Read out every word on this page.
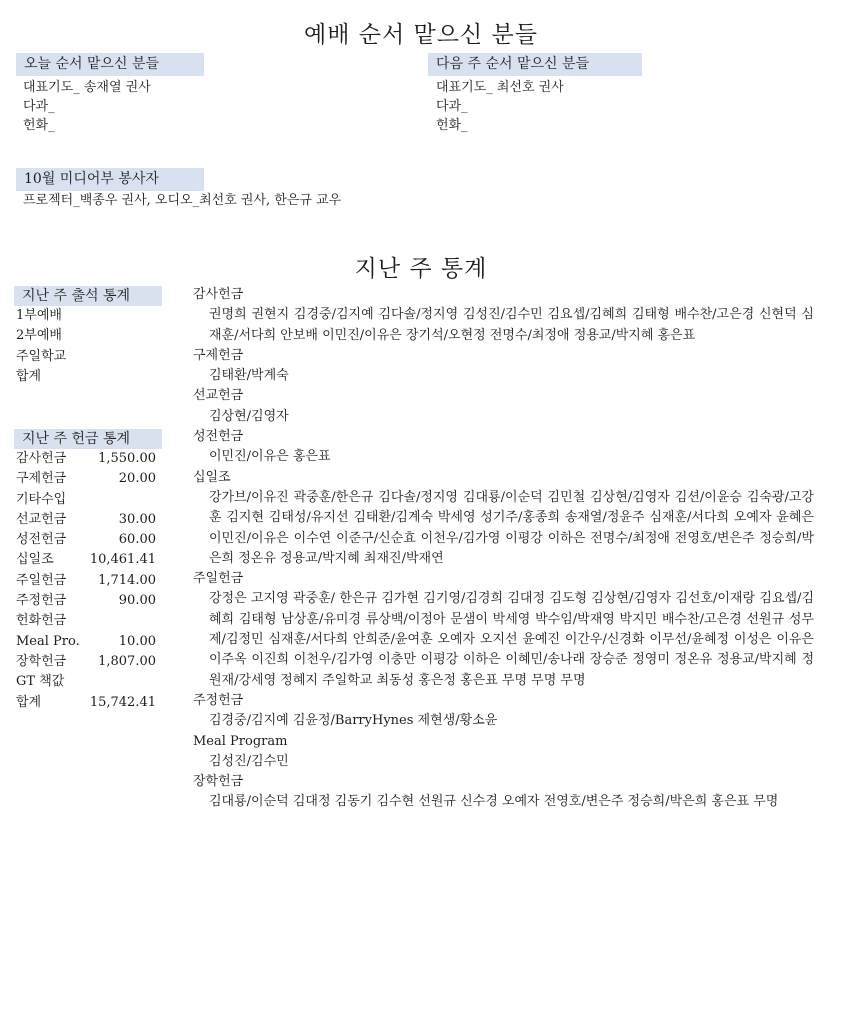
예배 순서 맡으신 분들
오늘 순서 맡으신 분들
대표기도_ 송재열 권사
다과_
헌화_
다음 주 순서 맡으신 분들
대표기도_ 최선호 권사
다과_
헌화_
10월 미디어부 봉사자
프로젝터_백종우 권사, 오디오_최선호 권사, 한은규 교우
지난 주 통계
지난 주 출석 통계
1부예배
2부예배
주일학교
합계
지난 주 헌금 통계
감사헌금 1,550.00
구제헌금	20.00
기타수입
선교헌금	30.00
성전헌금	60.00
십일조	10,461.41
주일헌금 1,714.00
주정헌금	90.00
헌화헌금
Meal Pro.	10.00
장학헌금 1,807.00
GT 책값
합계	15,742.41
감사헌금
권명희 권현지 김경중/김지예 김다솔/정지영 김성진/김수민 김요셉/김혜희 김태형 배수찬/고은경 신현덕 심재훈/서다희 안보배 이민진/이유은 장기석/오현정 전명수/최정애 정용교/박지혜 홍은표
구제헌금
김태환/박계숙
선교헌금
김상현/김영자
성전헌금
이민진/이유은 홍은표
십일조
강가브/이유진 곽중훈/한은규 김다솔/정지영 김대룡/이순덕 김민철 김상현/김영자 김션/이윤승 김숙광/고강훈 김지현 김태성/유지선 김태환/김계숙 박세영 성기주/홍종희 송재열/정윤주 심재훈/서다희 오예자 윤혜은 이민진/이유은 이수연 이준구/신순효 이천우/김가영 이평강 이하은 전명수/최정애 전영호/변은주 정승희/박은희 정온유 정용교/박지혜 최재진/박재연
주일헌금
강정은 고지영 곽중훈/ 한은규 김가현 김기영/김경희 김대정 김도형 김상현/김영자 김선호/이재랑 김요셉/김혜희 김태형 남상훈/유미경 류상백/이정아 문샘이 박세영 박수임/박재영 박지민 배수찬/고은경 선원규 성무제/김정민 심재훈/서다희 안희준/윤여훈 오예자 오지선 윤예진 이간우/신경화 이무선/윤혜정 이성은 이유은 이주옥 이진희 이천우/김가영 이충만 이평강 이하은 이혜민/송나래 장승준 정영미 정온유 정용교/박지혜 정원재/강세영 정혜지 주일학교 최동성 홍은정 홍은표 무명 무명 무명
주정헌금
김경중/김지예 김윤정/BarryHynes 제현생/황소윤
Meal Program
김성진/김수민
장학헌금
김대룡/이순덕 김대정 김동기 김수현 선원규 신수경 오예자 전영호/변은주 정승희/박은희 홍은표 무명
